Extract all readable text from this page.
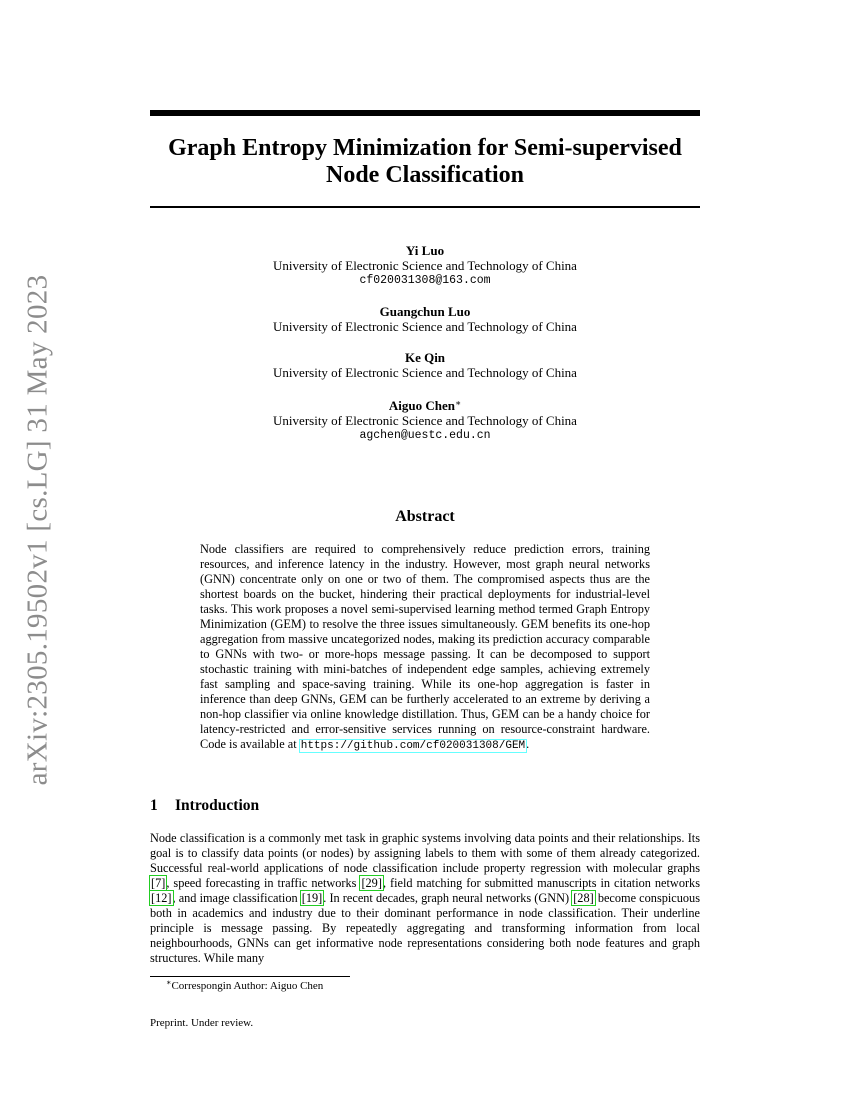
arXiv:2305.19502v1 [cs.LG] 31 May 2023
Graph Entropy Minimization for Semi-supervised
Node Classification
Yi Luo
University of Electronic Science and Technology of China
cf020031308@163.com
Guangchun Luo
University of Electronic Science and Technology of China
Ke Qin
University of Electronic Science and Technology of China
Aiguo Chen∗
University of Electronic Science and Technology of China
agchen@uestc.edu.cn
Abstract
Node classifiers are required to comprehensively reduce prediction errors, training resources, and inference latency in the industry. However, most graph neural networks (GNN) concentrate only on one or two of them. The compromised aspects thus are the shortest boards on the bucket, hindering their practical deployments for industrial-level tasks. This work proposes a novel semi-supervised learning method termed Graph Entropy Minimization (GEM) to resolve the three issues simultaneously. GEM benefits its one-hop aggregation from massive uncategorized nodes, making its prediction accuracy comparable to GNNs with two- or more-hops message passing. It can be decomposed to support stochastic training with mini-batches of independent edge samples, achieving extremely fast sampling and space-saving training. While its one-hop aggregation is faster in inference than deep GNNs, GEM can be furtherly accelerated to an extreme by deriving a non-hop classifier via online knowledge distillation. Thus, GEM can be a handy choice for latency-restricted and error-sensitive services running on resource-constraint hardware. Code is available at https://github.com/cf020031308/GEM.
1 Introduction
Node classification is a commonly met task in graphic systems involving data points and their relationships. Its goal is to classify data points (or nodes) by assigning labels to them with some of them already categorized. Successful real-world applications of node classification include property regression with molecular graphs [7], speed forecasting in traffic networks [29], field matching for submitted manuscripts in citation networks [12], and image classification [19]. In recent decades, graph neural networks (GNN) [28] become conspicuous both in academics and industry due to their dominant performance in node classification. Their underline principle is message passing. By repeatedly aggregating and transforming information from local neighbourhoods, GNNs can get informative node representations considering both node features and graph structures. While many
∗Correspongin Author: Aiguo Chen
Preprint. Under review.
